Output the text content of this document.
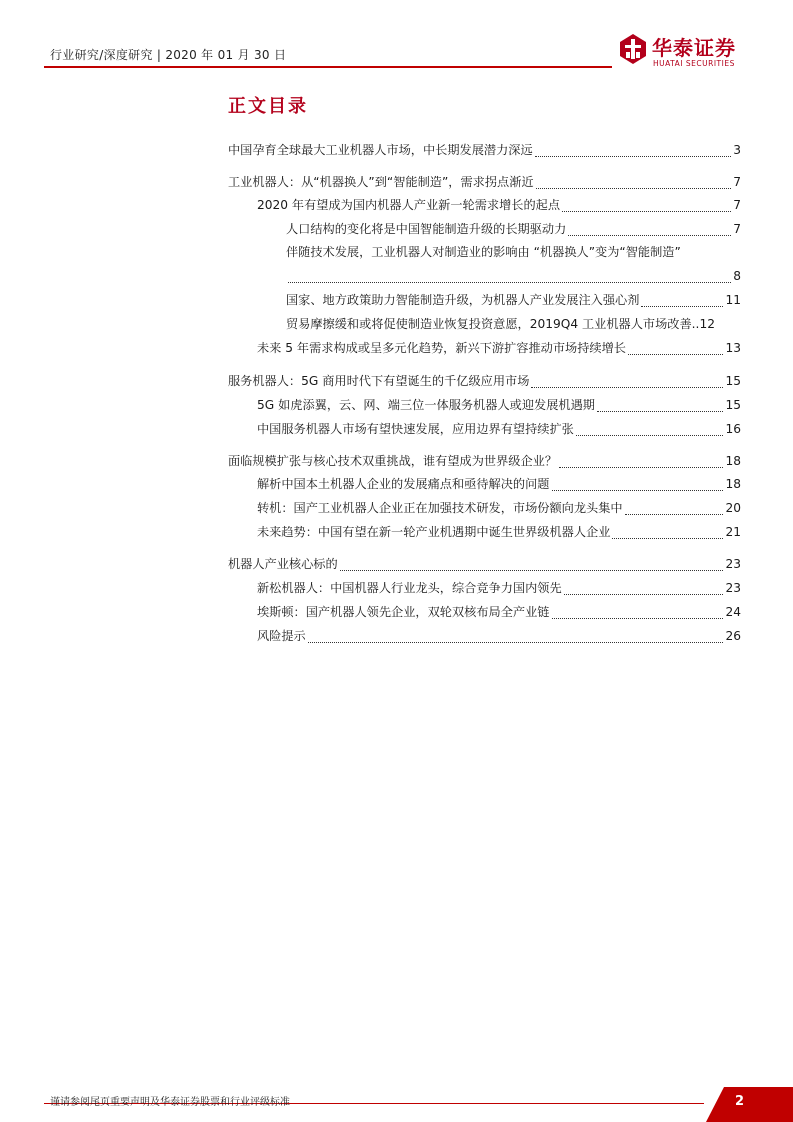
行业研究/深度研究 | 2020 年 01 月 30 日	华泰证券
HUATAI SECURITIES
正文目录
中国孕育全球最大工业机器人市场，中长期发展潜力深远	3
工业机器人：从“机器换人”到“智能制造”，需求拐点渐近	7
2020 年有望成为国内机器人产业新一轮需求增长的起点	7
人口结构的变化将是中国智能制造升级的长期驱动力	7
伴随技术发展，工业机器人对制造业的影响由 “机器换人”变为“智能制造”
8
国家、地方政策助力智能制造升级，为机器人产业发展注入强心剂	11
贸易摩擦缓和或将促使制造业恢复投资意愿，2019Q4 工业机器人市场改善.. 12
未来 5 年需求构成或呈多元化趋势，新兴下游扩容推动市场持续增长	13
服务机器人：5G 商用时代下有望诞生的千亿级应用市场	15
5G 如虎添翼，云、网、端三位一体服务机器人或迎发展机遇期	15
中国服务机器人市场有望快速发展，应用边界有望持续扩张	16
面临规模扩张与核心技术双重挑战，谁有望成为世界级企业？	18
解析中国本土机器人企业的发展痛点和亟待解决的问题	18
转机：国产工业机器人企业正在加强技术研发，市场份额向龙头集中	20
未来趋势：中国有望在新一轮产业机遇期中诞生世界级机器人企业	21
机器人产业核心标的	23
新松机器人：中国机器人行业龙头，综合竞争力国内领先	23
埃斯顿：国产机器人领先企业，双轮双核布局全产业链	24
风险提示	26
谨请参阅尾页重要声明及华泰证券股票和行业评级标准	2
